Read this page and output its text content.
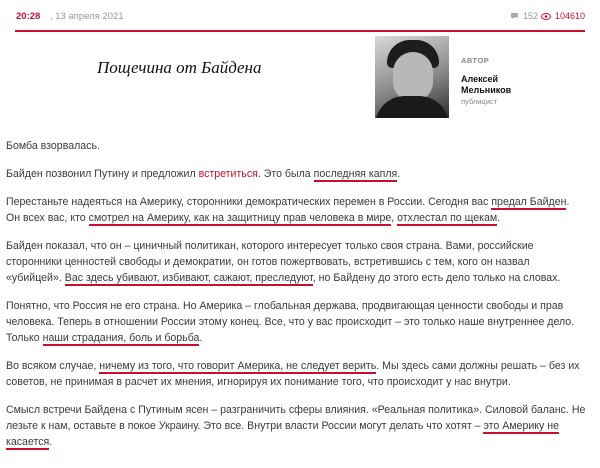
20:28 , 13 апреля 2021	152 104610
Пощечина от Байдена	АВТОР
Алексей
Мельников
публицист

Бомба взорвалась.

Байден позвонил Путину и предложил встретиться. Это была последняя капля.

Перестаньте надеяться на Америку, сторонники демократических перемен в России. Сегодня вас предал Байден. Он всех вас, кто смотрел на Америку, как на защитницу прав человека в мире, отхлестал по щекам.

Байден показал, что он – циничный политикан, которого интересует только своя страна. Вами, российские сторонники ценностей свободы и демократии, он готов пожертвовать, встретившись с тем, кого он назвал «убийцей». Вас здесь убивают, избивают, сажают, преследуют, но Байдену до этого есть дело только на словах.

Понятно, что Россия не его страна. Но Америка – глобальная держава, продвигающая ценности свободы и прав человека. Теперь в отношении России этому конец. Все, что у вас происходит – это только наше внутреннее дело. Только наши страдания, боль и борьба.

Во всяком случае, ничему из того, что говорит Америка, не следует верить. Мы здесь сами должны решать – без их советов, не принимая в расчет их мнения, игнорируя их понимание того, что происходит у нас внутри.

Смысл встречи Байдена с Путиным ясен – разграничить сферы влияния. «Реальная политика». Силовой баланс. Не лезьте к нам, оставьте в покое Украину. Это все. Внутри власти России могут делать что хотят – это Америку не касается.
